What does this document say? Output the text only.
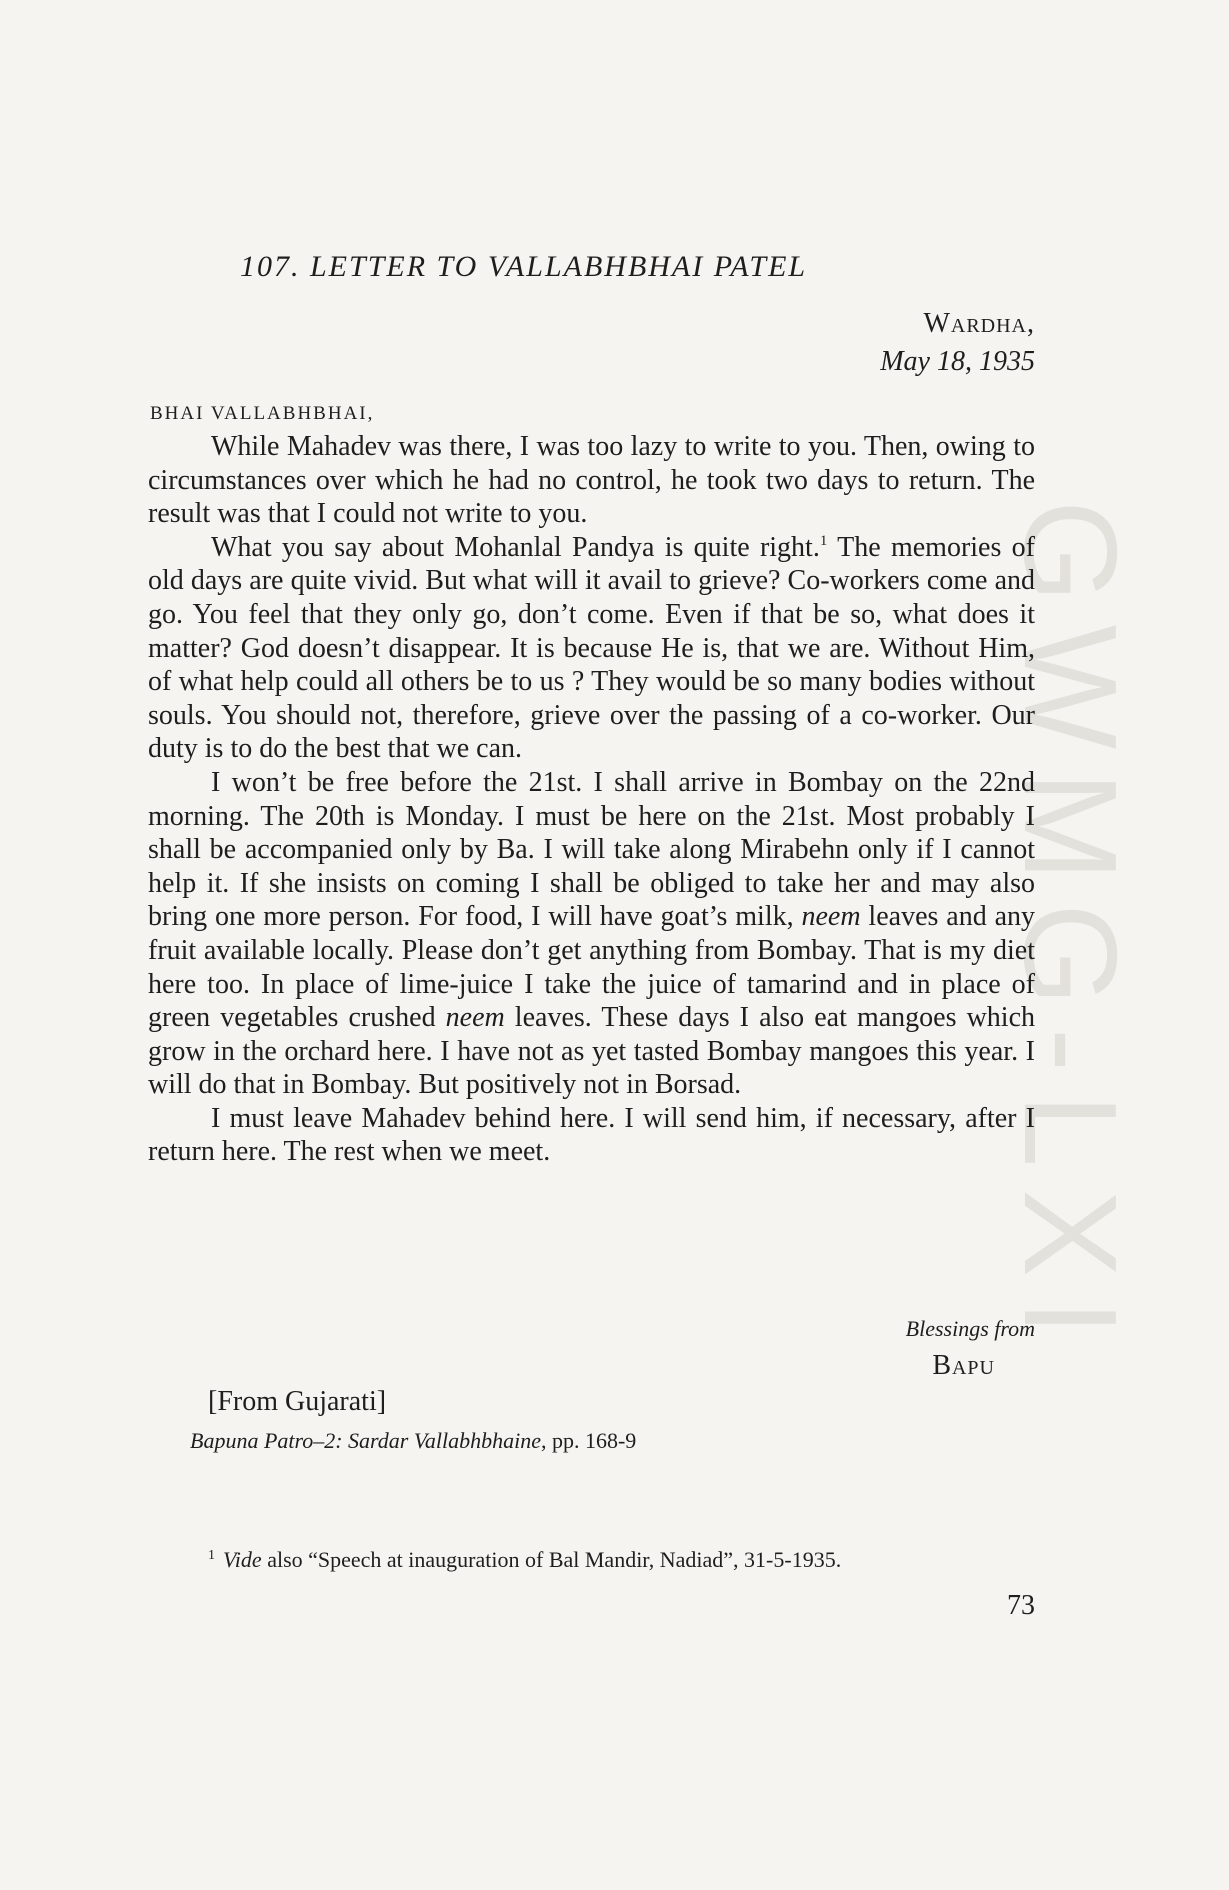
GWMG-LXI
107. LETTER TO VALLABHBHAI PATEL
Wardha,
May 18, 1935
BHAI VALLABHBHAI,

While Mahadev was there, I was too lazy to write to you. Then, owing to circumstances over which he had no control, he took two days to return. The result was that I could not write to you.

What you say about Mohanlal Pandya is quite right.$^1$ The memories of old days are quite vivid. But what will it avail to grieve? Co-workers come and go. You feel that they only go, don’t come. Even if that be so, what does it matter? God doesn’t disappear. It is because He is, that we are. Without Him, of what help could all others be to us ? They would be so many bodies without souls. You should not, therefore, grieve over the passing of a co-worker. Our duty is to do the best that we can.

I won’t be free before the 21st. I shall arrive in Bombay on the 22nd morning. The 20th is Monday. I must be here on the 21st. Most probably I shall be accompanied only by Ba. I will take along Mirabehn only if I cannot help it. If she insists on coming I shall be obliged to take her and may also bring one more person. For food, I will have goat’s milk, neem leaves and any fruit available locally. Please don’t get anything from Bombay. That is my diet here too. In place of lime-juice I take the juice of tamarind and in place of green vegetables crushed neem leaves. These days I also eat mangoes which grow in the orchard here. I have not as yet tasted Bombay mangoes this year. I will do that in Bombay. But positively not in Borsad.

I must leave Mahadev behind here. I will send him, if necessary, after I return here. The rest when we meet.

Blessings from
Bapu
[From Gujarati]
Bapuna Patro–2: Sardar Vallabhbhaine, pp. 168-9
$^1$ Vide also “Speech at inauguration of Bal Mandir, Nadiad”, 31-5-1935.
73
